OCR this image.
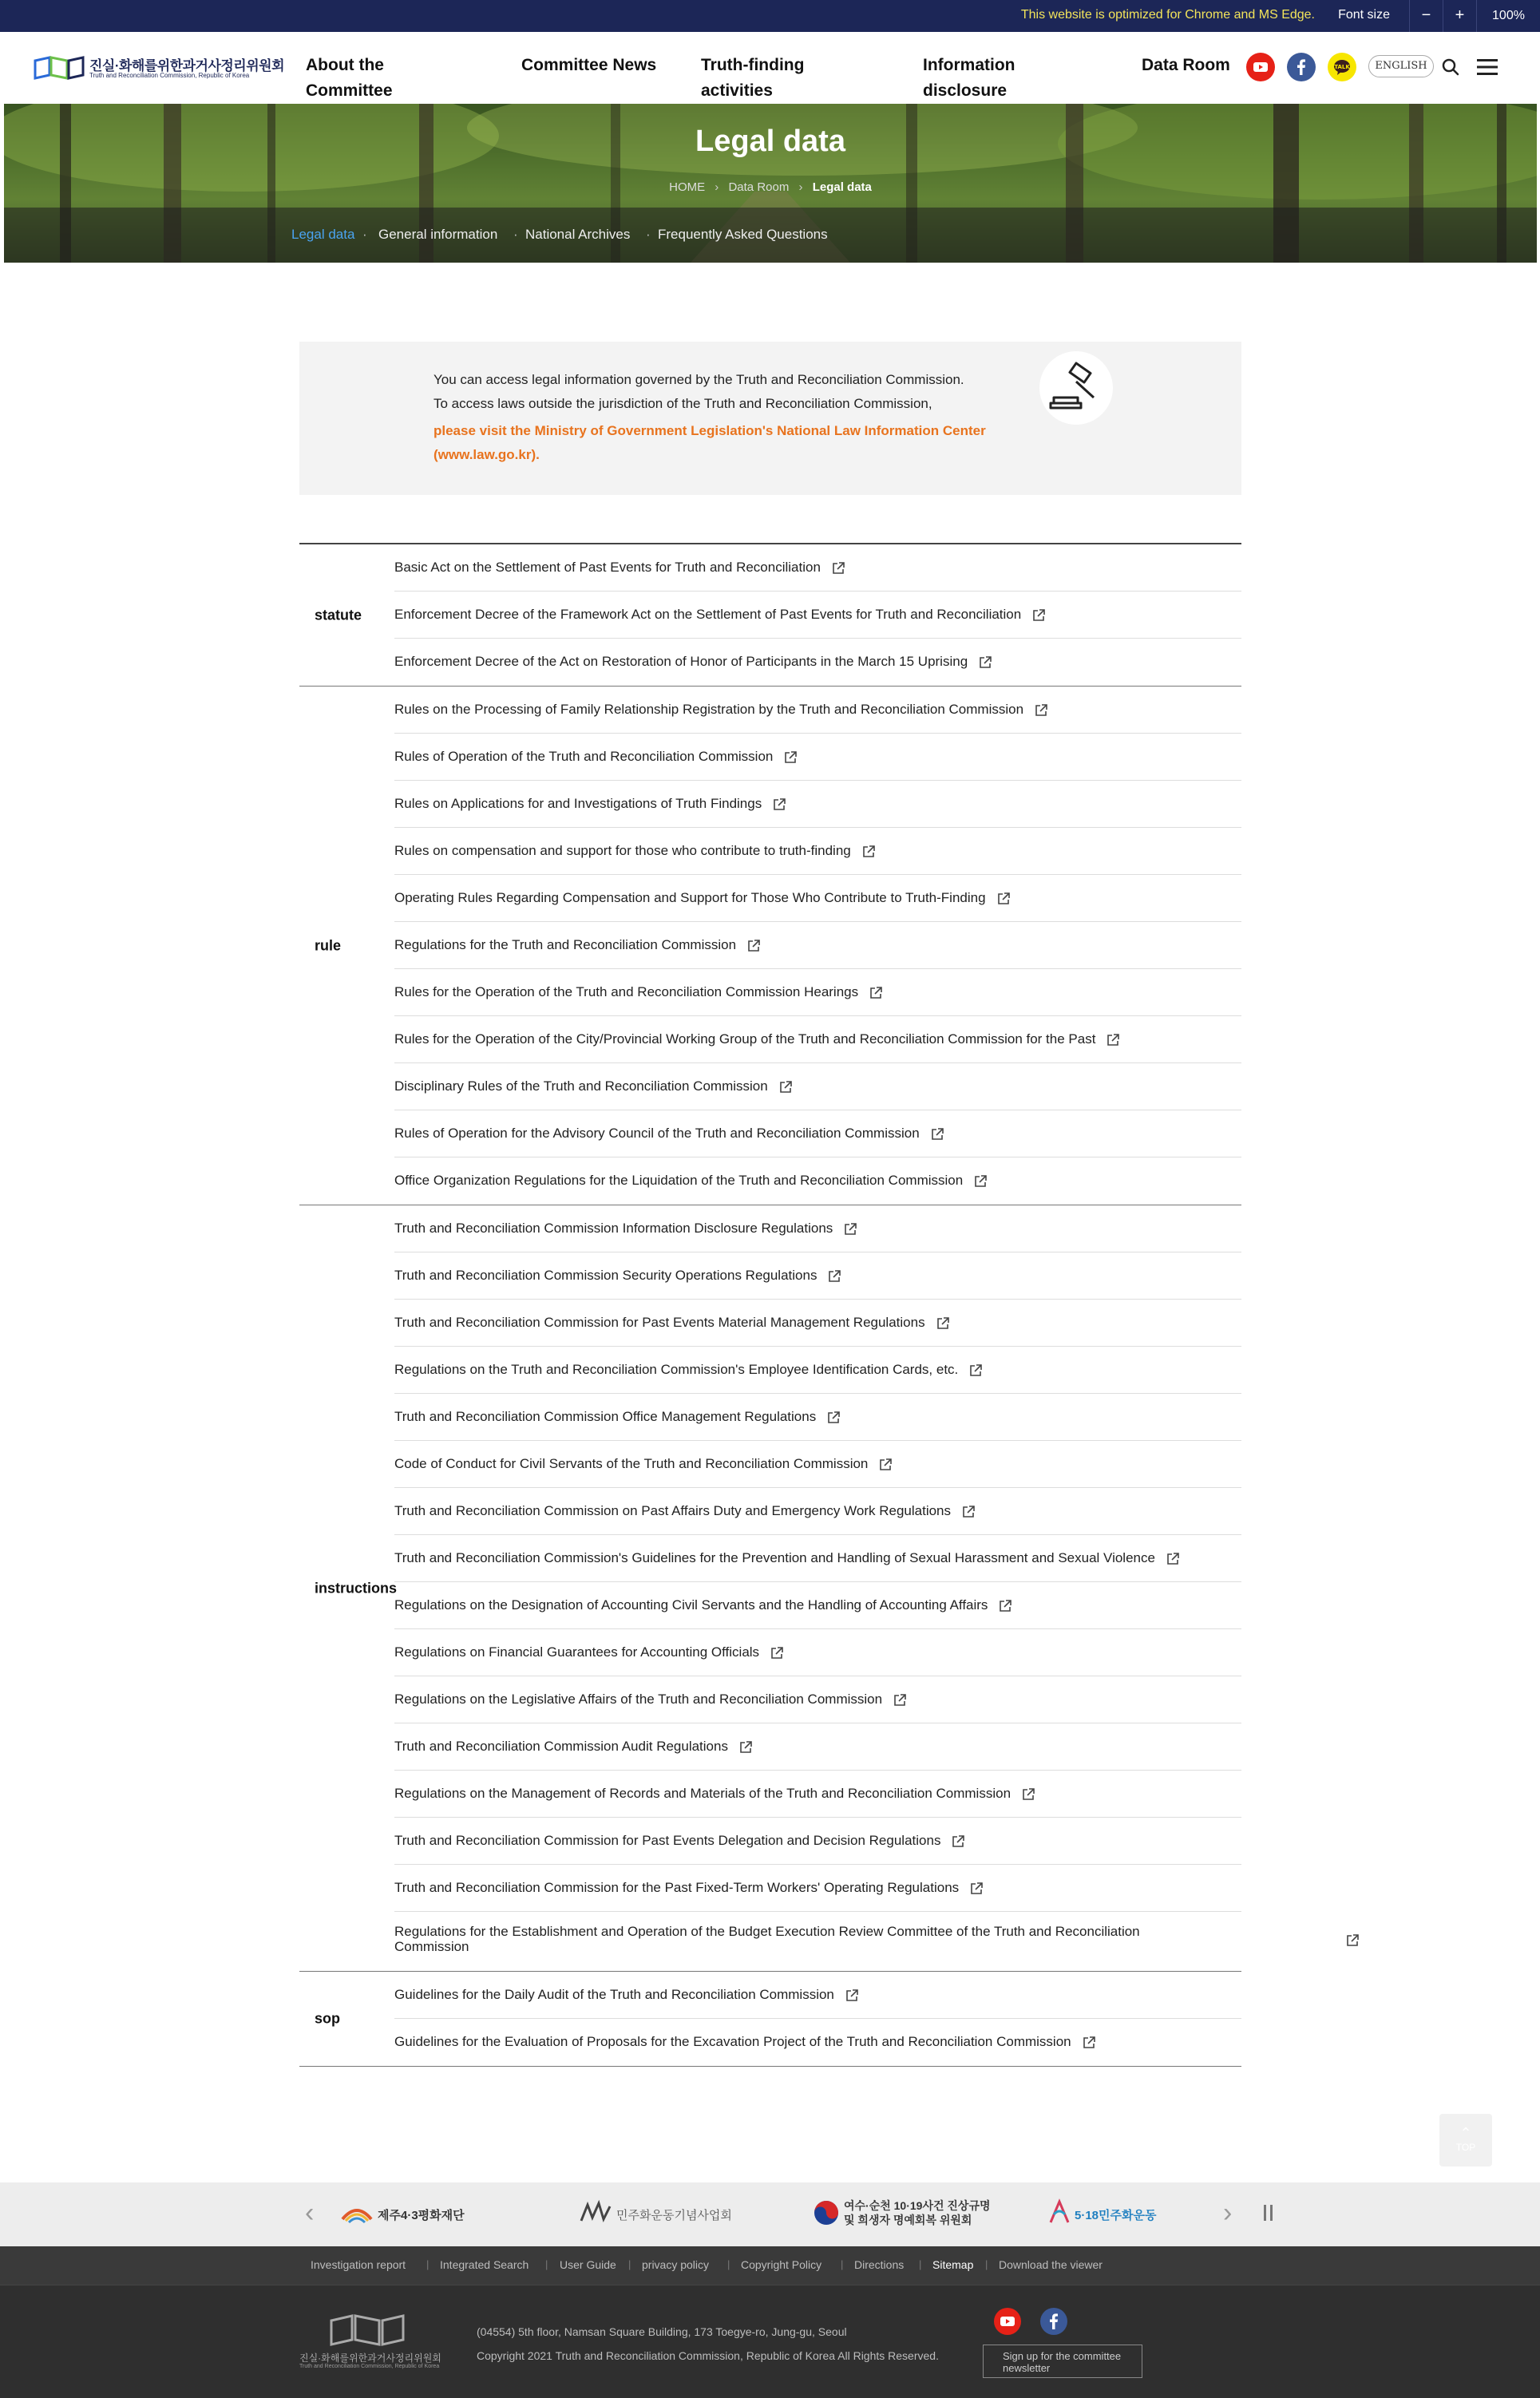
This website is optimized for Chrome and MS Edge. Font size	−	+	100%
진실·화해를위한과거사정리위원회
Truth and Reconciliation Commission, Republic of Korea
About the Committee
Committee News	Truth-finding activities
Information disclosure
Data Room	TALK	ENGLISH
Legal data
HOME › Data Room › Legal data
Legal data · General information · National Archives · Frequently Asked Questions
You can access legal information governed by the Truth and Reconciliation Commission.
To access laws outside the jurisdiction of the Truth and Reconciliation Commission,
please visit the Ministry of Government Legislation's National Law Information Center (www.law.go.kr).
statute
Basic Act on the Settlement of Past Events for Truth and Reconciliation
Enforcement Decree of the Framework Act on the Settlement of Past Events for Truth and Reconciliation
Enforcement Decree of the Act on Restoration of Honor of Participants in the March 15 Uprising
rule
Rules on the Processing of Family Relationship Registration by the Truth and Reconciliation Commission
Rules of Operation of the Truth and Reconciliation Commission
Rules on Applications for and Investigations of Truth Findings
Rules on compensation and support for those who contribute to truth-finding
Operating Rules Regarding Compensation and Support for Those Who Contribute to Truth-Finding
Regulations for the Truth and Reconciliation Commission
Rules for the Operation of the Truth and Reconciliation Commission Hearings
Rules for the Operation of the City/Provincial Working Group of the Truth and Reconciliation Commission for the Past
Disciplinary Rules of the Truth and Reconciliation Commission
Rules of Operation for the Advisory Council of the Truth and Reconciliation Commission
Office Organization Regulations for the Liquidation of the Truth and Reconciliation Commission
instructions
Truth and Reconciliation Commission Information Disclosure Regulations
Truth and Reconciliation Commission Security Operations Regulations
Truth and Reconciliation Commission for Past Events Material Management Regulations
Regulations on the Truth and Reconciliation Commission's Employee Identification Cards, etc.
Truth and Reconciliation Commission Office Management Regulations
Code of Conduct for Civil Servants of the Truth and Reconciliation Commission
Truth and Reconciliation Commission on Past Affairs Duty and Emergency Work Regulations
Truth and Reconciliation Commission's Guidelines for the Prevention and Handling of Sexual Harassment and Sexual Violence
Regulations on the Designation of Accounting Civil Servants and the Handling of Accounting Affairs
Regulations on Financial Guarantees for Accounting Officials
Regulations on the Legislative Affairs of the Truth and Reconciliation Commission
Truth and Reconciliation Commission Audit Regulations
Regulations on the Management of Records and Materials of the Truth and Reconciliation Commission
Truth and Reconciliation Commission for Past Events Delegation and Decision Regulations
Truth and Reconciliation Commission for the Past Fixed-Term Workers' Operating Regulations
Regulations for the Establishment and Operation of the Budget Execution Review Committee of the Truth and Reconciliation Commission
sop
Guidelines for the Daily Audit of the Truth and Reconciliation Commission
Guidelines for the Evaluation of Proposals for the Excavation Project of the Truth and Reconciliation Commission
⌃
TOP
‹	제주4·3평화재단	민주화운동기념사업회
여수·순천 10·19사건 진상규명 및 희생자 명예회복 위원회	5·18민주화운동 ›
Investigation report | Integrated Search | User Guide | privacy policy | Copyright Policy | Directions | Sitemap | Download the viewer
진실·화해를위한과거사정리위원회
Truth and Reconciliation Commission, Republic of Korea
(04554) 5th floor, Namsan Square Building, 173 Toegye-ro, Jung-gu, Seoul
Copyright 2021 Truth and Reconciliation Commission, Republic of Korea All Rights Reserved.	Sign up for the committee newsletter
